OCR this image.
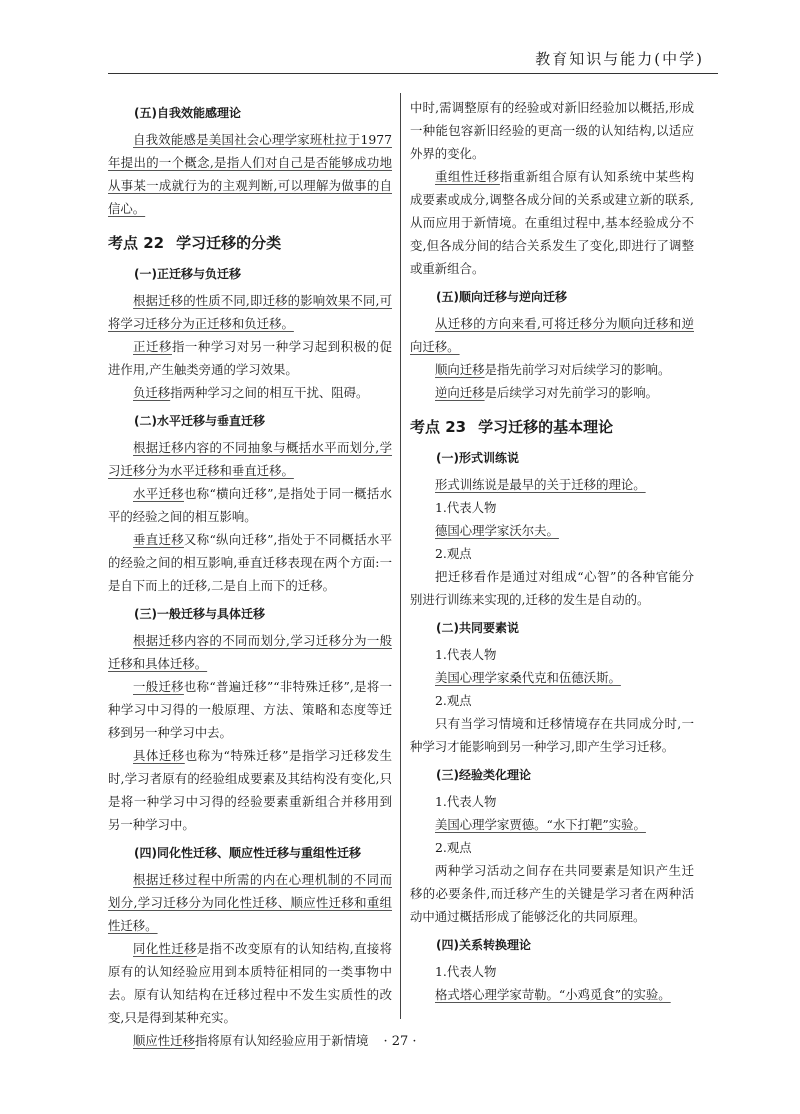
教育知识与能力(中学)
(五)自我效能感理论

自我效能感是美国社会心理学家班杜拉于1977年提出的一个概念,是指人们对自己是否能够成功地从事某一成就行为的主观判断,可以理解为做事的自信心。

考点 22 学习迁移的分类
(一)正迁移与负迁移

根据迁移的性质不同,即迁移的影响效果不同,可将学习迁移分为正迁移和负迁移。

正迁移指一种学习对另一种学习起到积极的促进作用,产生触类旁通的学习效果。

负迁移指两种学习之间的相互干扰、阻碍。

(二)水平迁移与垂直迁移

根据迁移内容的不同抽象与概括水平而划分,学习迁移分为水平迁移和垂直迁移。

水平迁移也称“横向迁移”,是指处于同一概括水平的经验之间的相互影响。

垂直迁移又称“纵向迁移”,指处于不同概括水平的经验之间的相互影响,垂直迁移表现在两个方面:一是自下而上的迁移,二是自上而下的迁移。

(三)一般迁移与具体迁移

根据迁移内容的不同而划分,学习迁移分为一般迁移和具体迁移。

一般迁移也称“普遍迁移”“非特殊迁移”,是将一种学习中习得的一般原理、方法、策略和态度等迁移到另一种学习中去。

具体迁移也称为“特殊迁移”是指学习迁移发生时,学习者原有的经验组成要素及其结构没有变化,只是将一种学习中习得的经验要素重新组合并移用到另一种学习中。

(四)同化性迁移、顺应性迁移与重组性迁移

根据迁移过程中所需的内在心理机制的不同而划分,学习迁移分为同化性迁移、顺应性迁移和重组性迁移。

同化性迁移是指不改变原有的认知结构,直接将原有的认知经验应用到本质特征相同的一类事物中去。原有认知结构在迁移过程中不发生实质性的改变,只是得到某种充实。

顺应性迁移指将原有认知经验应用于新情境

中时,需调整原有的经验或对新旧经验加以概括,形成一种能包容新旧经验的更高一级的认知结构,以适应外界的变化。

重组性迁移指重新组合原有认知系统中某些构成要素或成分,调整各成分间的关系或建立新的联系,从而应用于新情境。在重组过程中,基本经验成分不变,但各成分间的结合关系发生了变化,即进行了调整或重新组合。

(五)顺向迁移与逆向迁移

从迁移的方向来看,可将迁移分为顺向迁移和逆向迁移。

顺向迁移是指先前学习对后续学习的影响。

逆向迁移是后续学习对先前学习的影响。

考点 23 学习迁移的基本理论
(一)形式训练说

形式训练说是最早的关于迁移的理论。

1.代表人物

德国心理学家沃尔夫。

2.观点

把迁移看作是通过对组成“心智”的各种官能分别进行训练来实现的,迁移的发生是自动的。

(二)共同要素说

1.代表人物

美国心理学家桑代克和伍德沃斯。

2.观点

只有当学习情境和迁移情境存在共同成分时,一种学习才能影响到另一种学习,即产生学习迁移。

(三)经验类化理论

1.代表人物

美国心理学家贾德。“水下打靶”实验。

2.观点

两种学习活动之间存在共同要素是知识产生迁移的必要条件,而迁移产生的关键是学习者在两种活动中通过概括形成了能够泛化的共同原理。

(四)关系转换理论

1.代表人物

格式塔心理学家苛勒。“小鸡觅食”的实验。

· 27 ·
